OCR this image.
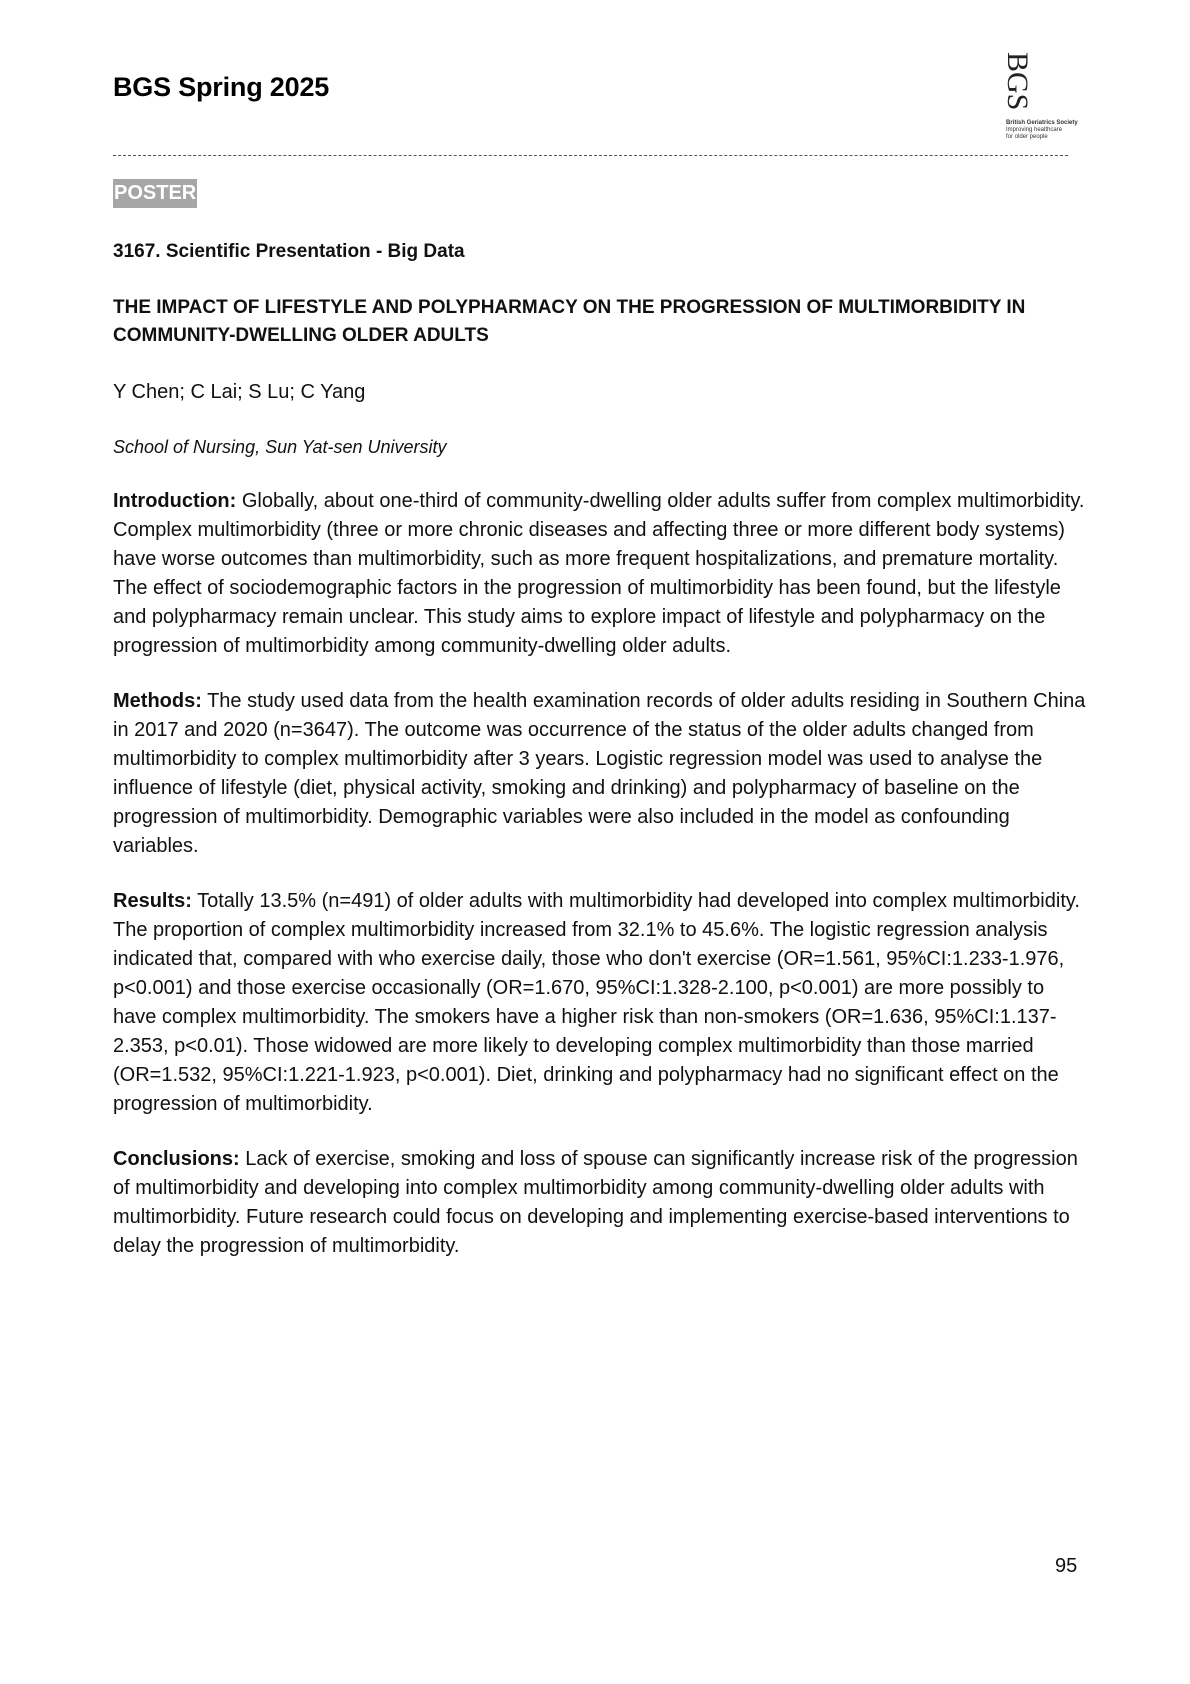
BGS Spring 2025	BGS
British Geriatrics Society
Improving healthcare
for older people
POSTER

3167. Scientific Presentation - Big Data

THE IMPACT OF LIFESTYLE AND POLYPHARMACY ON THE PROGRESSION OF MULTIMORBIDITY IN COMMUNITY-DWELLING OLDER ADULTS

Y Chen; C Lai; S Lu; C Yang

School of Nursing, Sun Yat-sen University

Introduction: Globally, about one-third of community-dwelling older adults suffer from complex multimorbidity. Complex multimorbidity (three or more chronic diseases and affecting three or more different body systems) have worse outcomes than multimorbidity, such as more frequent hospitalizations, and premature mortality. The effect of sociodemographic factors in the progression of multimorbidity has been found, but the lifestyle and polypharmacy remain unclear. This study aims to explore impact of lifestyle and polypharmacy on the progression of multimorbidity among community-dwelling older adults.

Methods: The study used data from the health examination records of older adults residing in Southern China in 2017 and 2020 (n=3647). The outcome was occurrence of the status of the older adults changed from multimorbidity to complex multimorbidity after 3 years. Logistic regression model was used to analyse the influence of lifestyle (diet, physical activity, smoking and drinking) and polypharmacy of baseline on the progression of multimorbidity. Demographic variables were also included in the model as confounding variables.

Results: Totally 13.5% (n=491) of older adults with multimorbidity had developed into complex multimorbidity. The proportion of complex multimorbidity increased from 32.1% to 45.6%. The logistic regression analysis indicated that, compared with who exercise daily, those who don't exercise (OR=1.561, 95%CI:1.233-1.976, p<0.001) and those exercise occasionally (OR=1.670, 95%CI:1.328-2.100, p<0.001) are more possibly to have complex multimorbidity. The smokers have a higher risk than non-smokers (OR=1.636, 95%CI:1.137-2.353, p<0.01). Those widowed are more likely to developing complex multimorbidity than those married (OR=1.532, 95%CI:1.221-1.923, p<0.001). Diet, drinking and polypharmacy had no significant effect on the progression of multimorbidity.

Conclusions: Lack of exercise, smoking and loss of spouse can significantly increase risk of the progression of multimorbidity and developing into complex multimorbidity among community-dwelling older adults with multimorbidity. Future research could focus on developing and implementing exercise-based interventions to delay the progression of multimorbidity.

95
